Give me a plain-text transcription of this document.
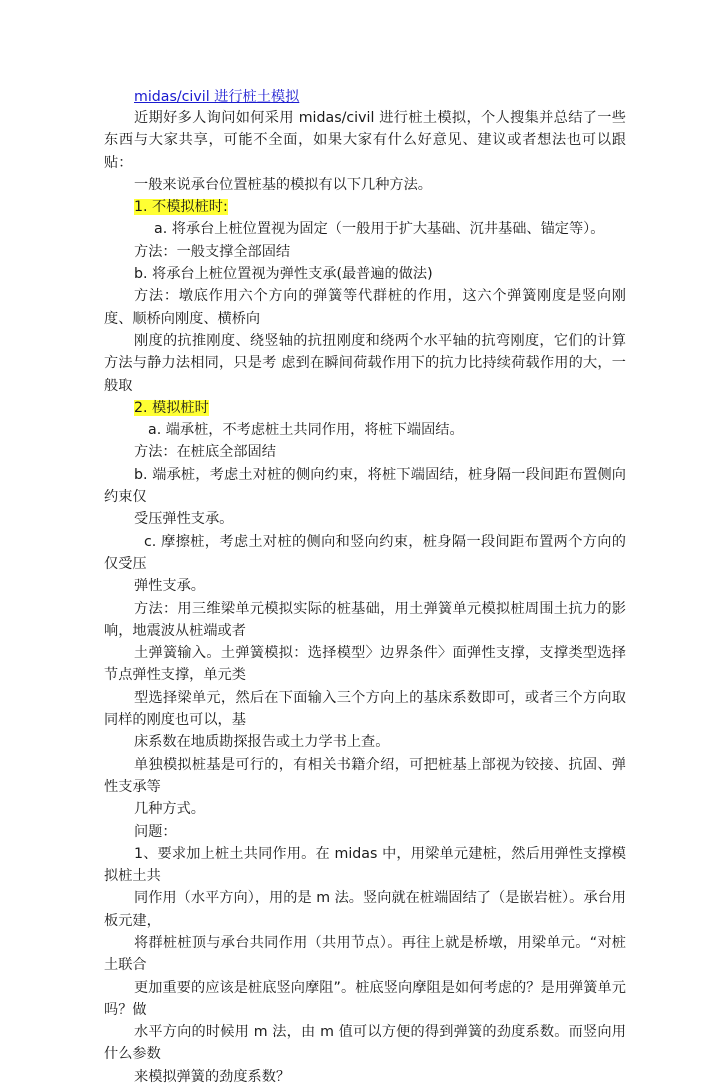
midas/civil 进行桩土模拟

近期好多人询问如何采用 midas/civil 进行桩土模拟，个人搜集并总结了一些东西与大家共享，可能不全面，如果大家有什么好意见、建议或者想法也可以跟贴：

一般来说承台位置桩基的模拟有以下几种方法。

1. 不模拟桩时:

a. 将承台上桩位置视为固定（一般用于扩大基础、沉井基础、锚定等）。

方法：一般支撑全部固结

b. 将承台上桩位置视为弹性支承(最普遍的做法)

方法：墩底作用六个方向的弹簧等代群桩的作用，这六个弹簧刚度是竖向刚度、顺桥向刚度、横桥向

刚度的抗推刚度、绕竖轴的抗扭刚度和绕两个水平轴的抗弯刚度，它们的计算方法与静力法相同，只是考 虑到在瞬间荷载作用下的抗力比持续荷载作用的大，一般取

2. 模拟桩时

a. 端承桩，不考虑桩土共同作用，将桩下端固结。

方法：在桩底全部固结

b. 端承桩，考虑土对桩的侧向约束，将桩下端固结，桩身隔一段间距布置侧向约束仅

受压弹性支承。

c. 摩擦桩，考虑土对桩的侧向和竖向约束，桩身隔一段间距布置两个方向的仅受压

弹性支承。

方法：用三维梁单元模拟实际的桩基础，用土弹簧单元模拟桩周围土抗力的影响，地震波从桩端或者

土弹簧输入。土弹簧模拟：选择模型〉边界条件〉面弹性支撑，支撑类型选择节点弹性支撑，单元类

型选择梁单元，然后在下面输入三个方向上的基床系数即可，或者三个方向取同样的刚度也可以，基

床系数在地质勘探报告或土力学书上查。

单独模拟桩基是可行的，有相关书籍介绍，可把桩基上部视为铰接、抗固、弹性支承等

几种方式。

问题：

1、要求加上桩土共同作用。在 midas 中，用梁单元建桩，然后用弹性支撑模拟桩土共

同作用（水平方向），用的是 m 法。竖向就在桩端固结了（是嵌岩桩）。承台用板元建，

将群桩桩顶与承台共同作用（共用节点）。再往上就是桥墩，用梁单元。“对桩土联合

更加重要的应该是桩底竖向摩阻”。桩底竖向摩阻是如何考虑的？是用弹簧单元吗？做

水平方向的时候用 m 法，由 m 值可以方便的得到弹簧的劲度系数。而竖向用什么参数

来模拟弹簧的劲度系数？
